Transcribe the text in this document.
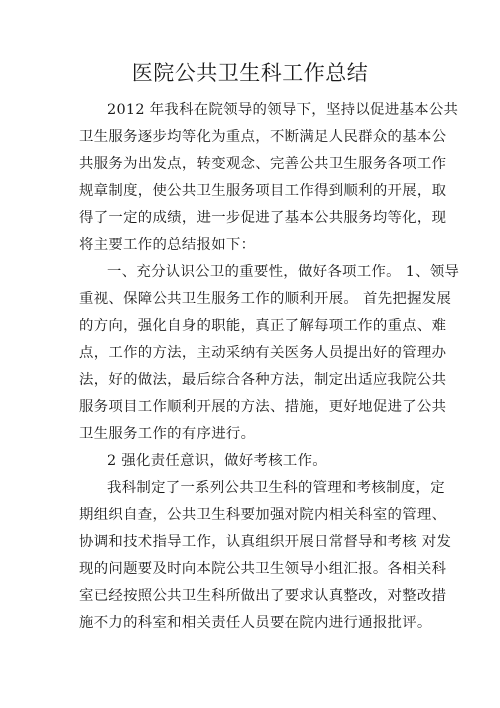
医院公共卫生科工作总结
2012 年我科在院领导的领导下，坚持以促进基本公共
卫生服务逐步均等化为重点，不断满足人民群众的基本公
共服务为出发点，转变观念、完善公共卫生服务各项工作
规章制度，使公共卫生服务项目工作得到顺利的开展，取
得了一定的成绩，进一步促进了基本公共服务均等化，现
将主要工作的总结报如下：
一、充分认识公卫的重要性，做好各项工作。 1、领导
重视、保障公共卫生服务工作的顺利开展。 首先把握发展
的方向，强化自身的职能，真正了解每项工作的重点、难
点，工作的方法，主动采纳有关医务人员提出好的管理办
法，好的做法，最后综合各种方法，制定出适应我院公共
服务项目工作顺利开展的方法、措施，更好地促进了公共
卫生服务工作的有序进行。
2 强化责任意识，做好考核工作。
我科制定了一系列公共卫生科的管理和考核制度，定
期组织自查，公共卫生科要加强对院内相关科室的管理、
协调和技术指导工作，认真组织开展日常督导和考核 对发
现的问题要及时向本院公共卫生领导小组汇报。各相关科
室已经按照公共卫生科所做出了要求认真整改，对整改措
施不力的科室和相关责任人员要在院内进行通报批评。
